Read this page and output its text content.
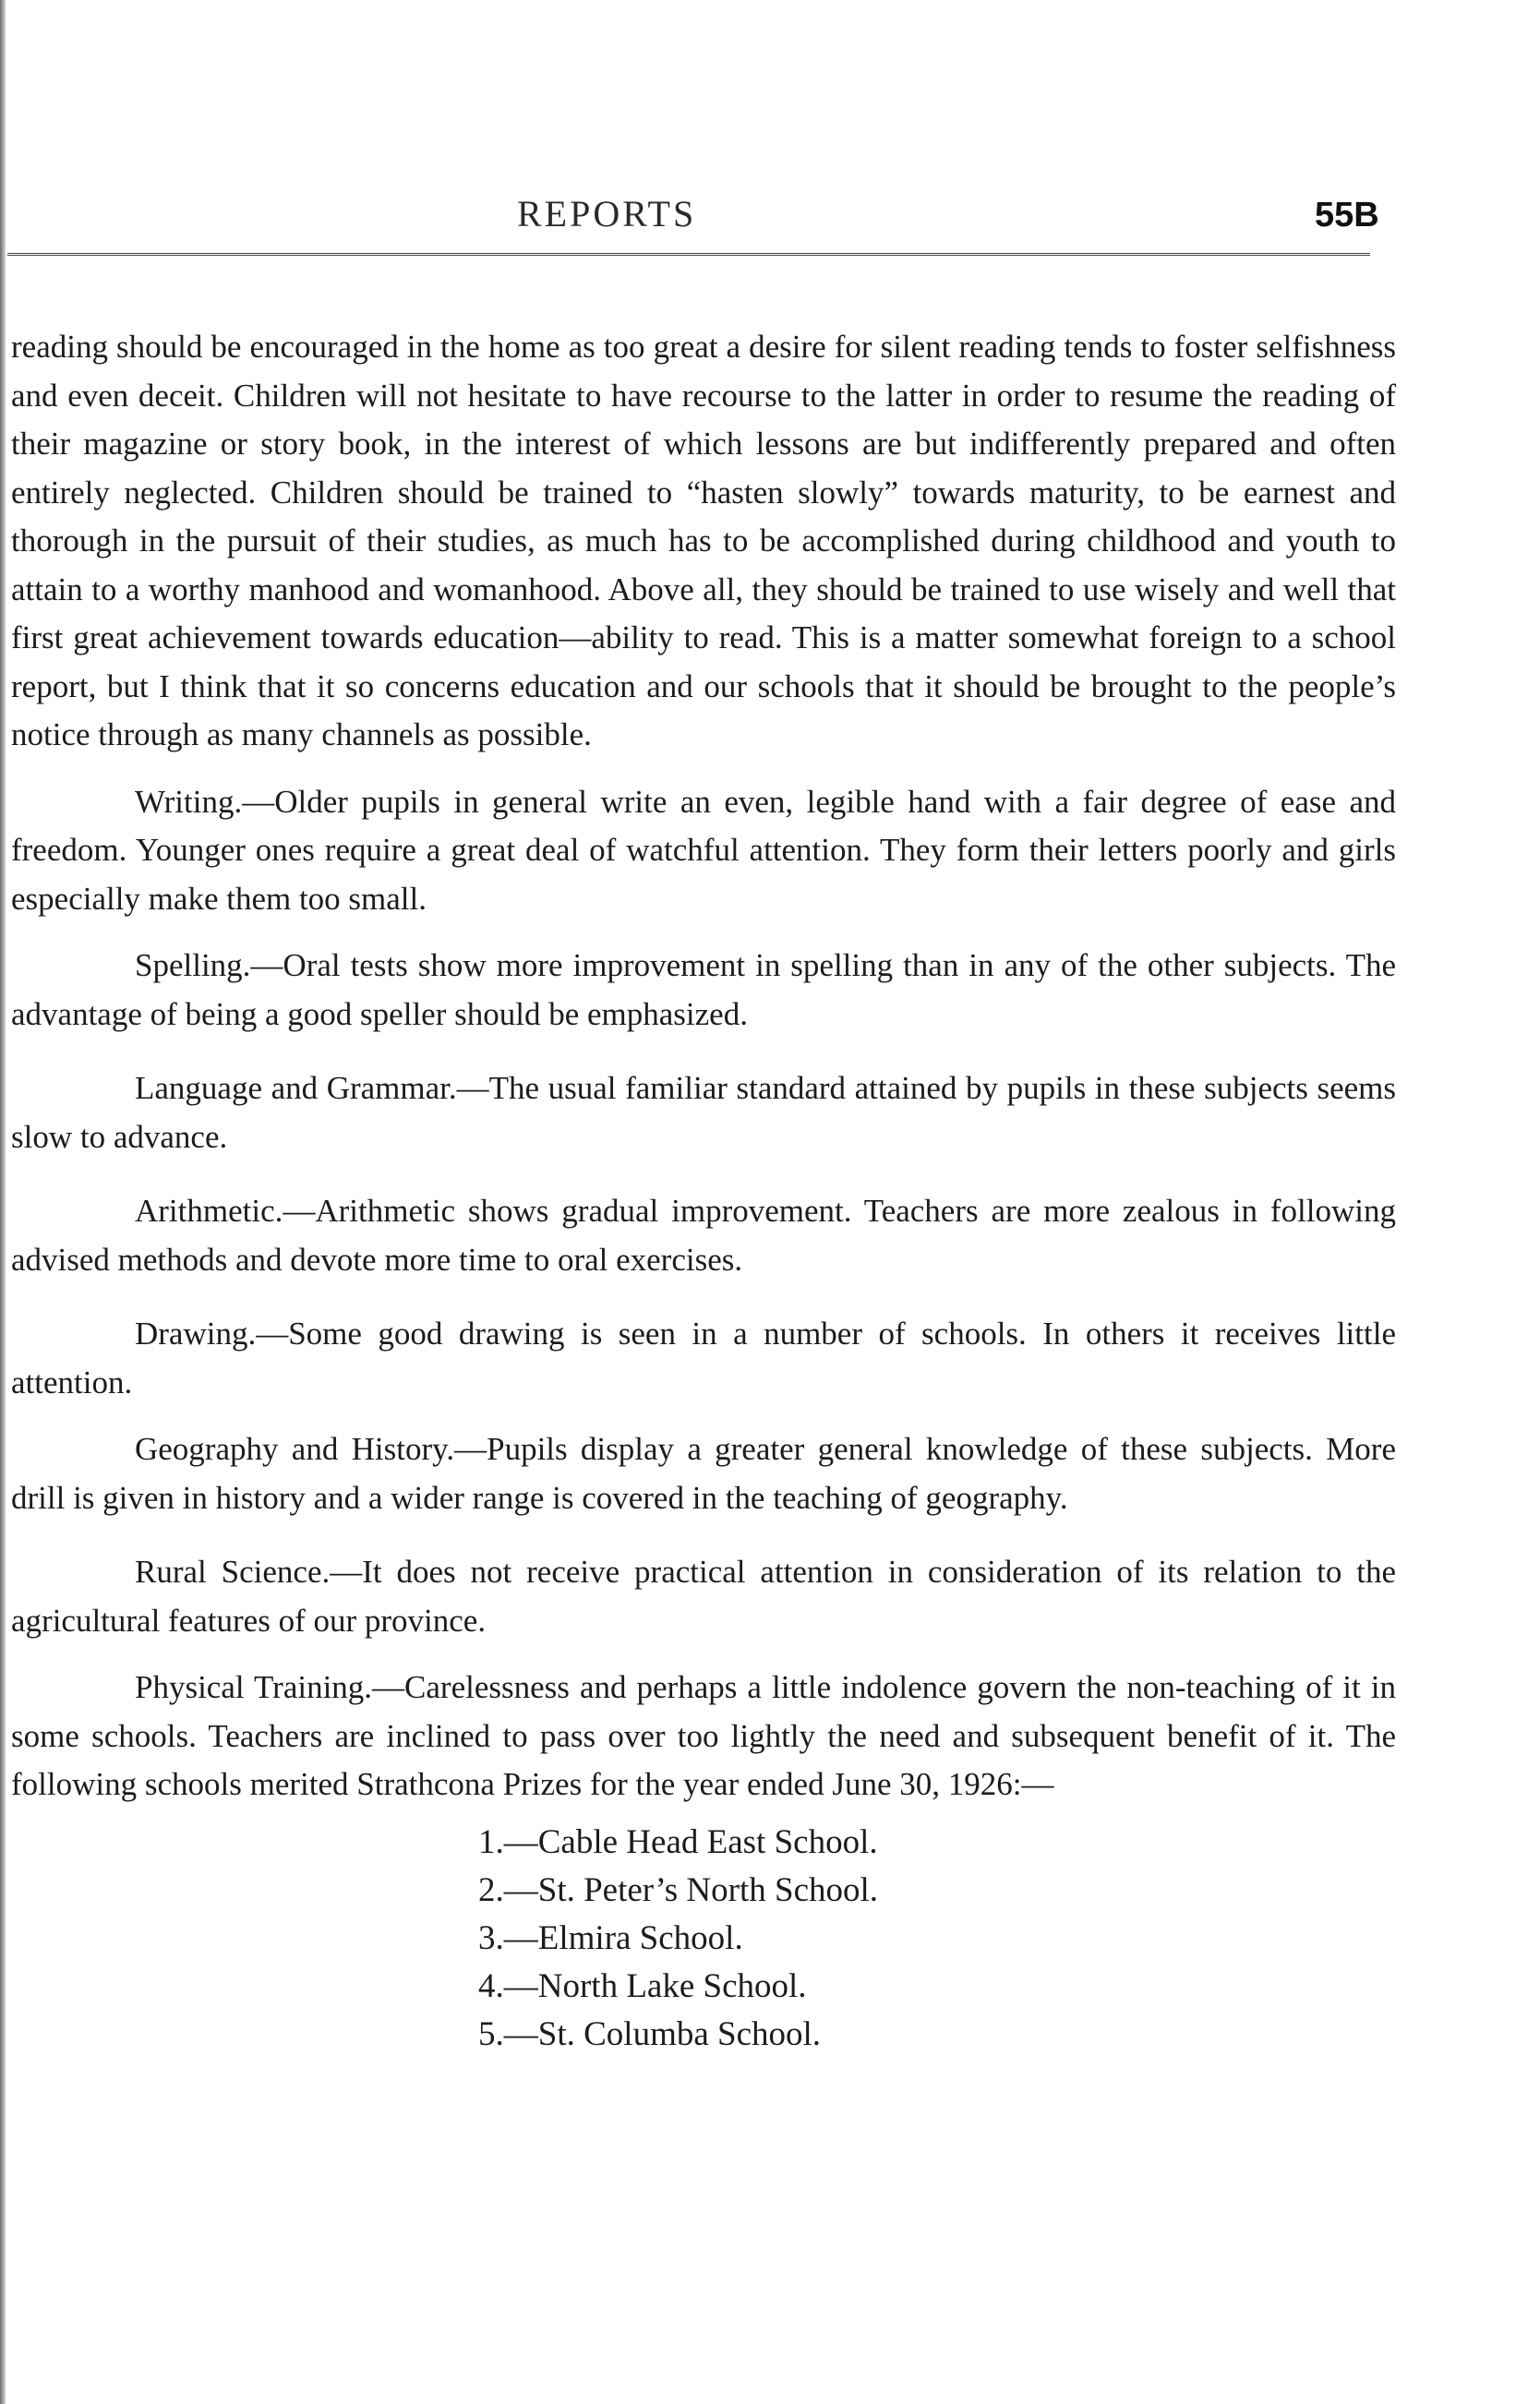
REPORTS	55B

reading should be encouraged in the home as too great a desire for silent reading tends to foster selfishness and even deceit. Children will not hesitate to have recourse to the latter in order to resume the reading of their magazine or story book, in the interest of which lessons are but indifferently prepared and often entirely neglected. Children should be trained to “hasten slowly” towards maturity, to be earnest and thorough in the pursuit of their studies, as much has to be accomplished during childhood and youth to attain to a worthy manhood and womanhood. Above all, they should be trained to use wisely and well that first great achievement towards education—ability to read. This is a matter somewhat foreign to a school report, but I think that it so concerns education and our schools that it should be brought to the people’s notice through as many channels as possible.

Writing.—Older pupils in general write an even, legible hand with a fair degree of ease and freedom. Younger ones require a great deal of watchful attention. They form their letters poorly and girls especially make them too small.

Spelling.—Oral tests show more improvement in spelling than in any of the other subjects. The advantage of being a good speller should be emphasized.

Language and Grammar.—The usual familiar standard attained by pupils in these subjects seems slow to advance.

Arithmetic.—Arithmetic shows gradual improvement. Teachers are more zealous in following advised methods and devote more time to oral exercises.

Drawing.—Some good drawing is seen in a number of schools. In others it receives little attention.

Geography and History.—Pupils display a greater general knowledge of these subjects. More drill is given in history and a wider range is covered in the teaching of geography.

Rural Science.—It does not receive practical attention in consideration of its relation to the agricultural features of our province.

Physical Training.—Carelessness and perhaps a little indolence govern the non-teaching of it in some schools. Teachers are inclined to pass over too lightly the need and subsequent benefit of it. The following schools merited Strathcona Prizes for the year ended June 30, 1926:—

1.—Cable Head East School.
2.—St. Peter’s North School.
3.—Elmira School.
4.—North Lake School.
5.—St. Columba School.
